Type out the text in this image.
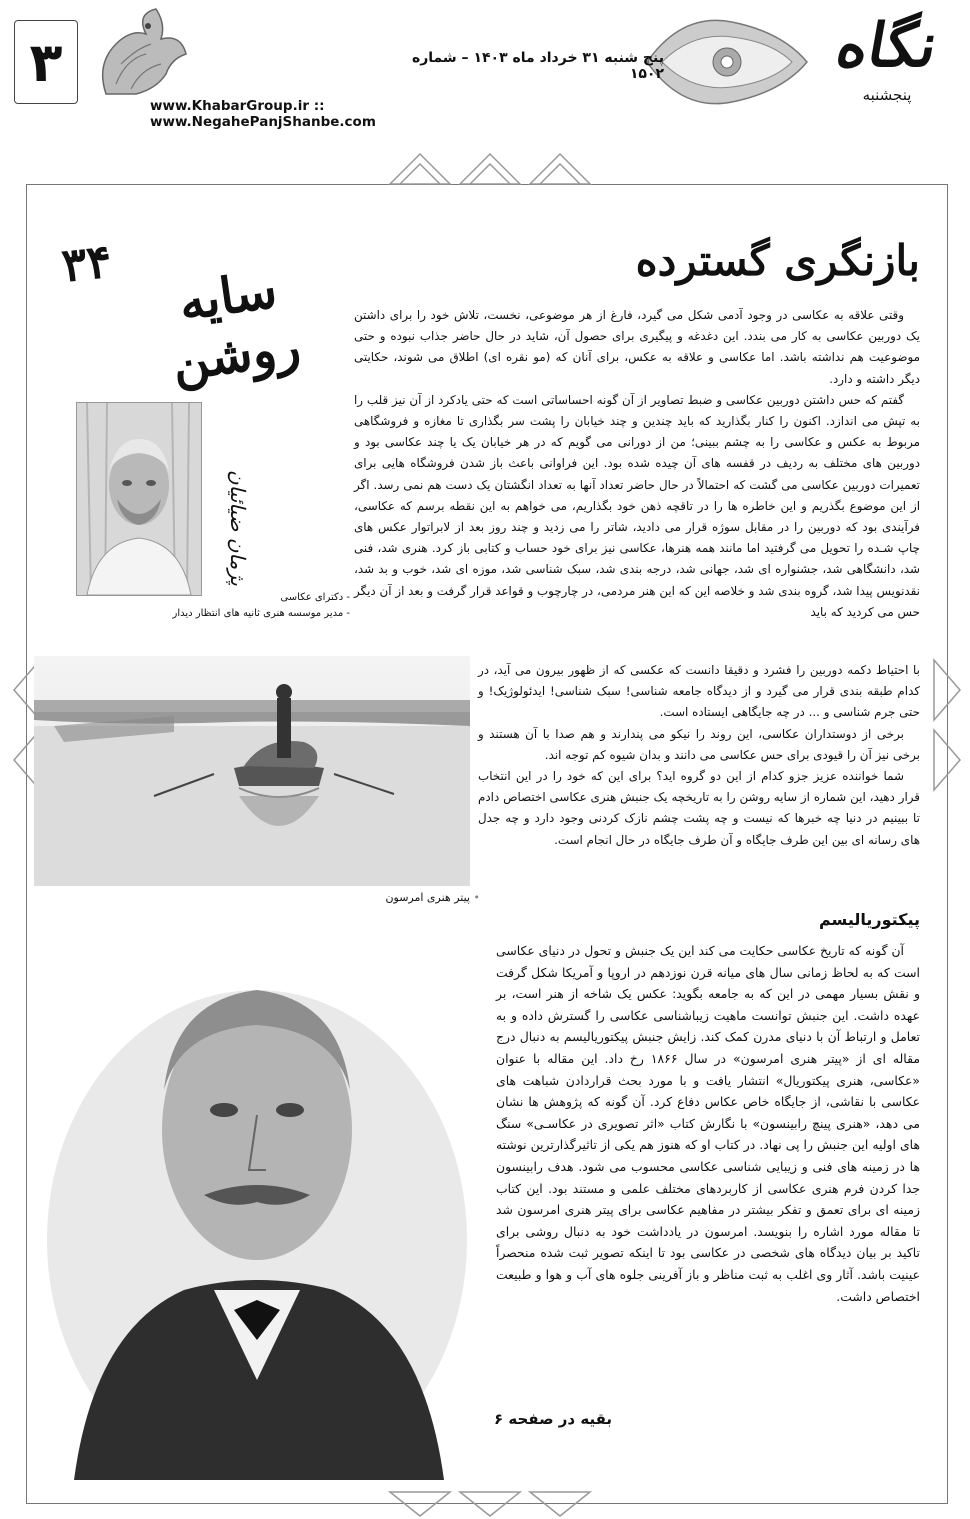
۳	نگاه
پنجشنبه
پنج شنبه ۳۱ خرداد ماه ۱۴۰۳ – شماره ۱۵۰۲
www.KhabarGroup.ir :: www.NegahePanjShanbe.com
بازنگری گسترده
۳۴	سایه روشن
پژمان ضیائیان
- دکترای عکاسی
- مدیر موسسه هنری ثانیه های انتظار دیدار

وقتی علاقه به عکاسی در وجود آدمی شکل می گیرد، فارغ از هر موضوعی، نخست، تلاش خود را برای داشتن یک دوربین عکاسی به کار می بندد. این دغدغه و پیگیری برای حصول آن، شاید در حال حاضر جذاب نبوده و حتی موضوعیت هم نداشته باشد. اما عکاسی و علاقه به عکس، برای آنان که (مو نقره ای) اطلاق می شوند، حکایتی دیگر داشته و دارد.

گفتم که حس داشتن دوربین عکاسی و ضبط تصاویر از آن گونه احساساتی است که حتی یادکرد از آن نیز قلب را به تپش می اندازد. اکنون را کنار بگذارید که باید چندین و چند خیابان را پشت سر بگذاری تا مغازه و فروشگاهی مربوط به عکس و عکاسی را به چشم ببینی؛ من از دورانی می گویم که در هر خیابان یک یا چند عکاسی بود و دوربین های مختلف به ردیف در قفسه های آن چیده شده بود. این فراوانی باعث باز شدن فروشگاه هایی برای تعمیرات دوربین عکاسی می گشت که احتمالاً در حال حاضر تعداد آنها به تعداد انگشتان یک دست هم نمی رسد. اگر از این موضوع بگذریم و این خاطره ها را در تاقچه ذهن خود بگذاریم، می خواهم به این نقطه برسم که عکاسی، فرآیندی بود که دوربین را در مقابل سوژه قرار می دادید، شاتر را می زدید و چند روز بعد از لابراتوار عکس های چاپ شـده را تحویل می گرفتید اما مانند همه هنرها، عکاسی نیز برای خود حساب و کتابی باز کرد. هنری شد، فنی شد، دانشگاهی شد، جشنواره ای شد، جهانی شد، درجه بندی شد، سبک شناسی شد، موزه ای شد، خوب و بد شد، نقدنویس پیدا شد، گروه بندی شد و خلاصه این که این هنر مردمی، در چارچوب و قواعد قرار گرفت و بعد از آن دیگر حس می کردید که باید

با احتیاط دکمه دوربین را فشرد و دقیقا دانست که عکسی که از ظهور بیرون می آید، در کدام طبقه بندی قرار می گیرد و از دیدگاه جامعه شناسی! سبک شناسی! ایدئولوژیک! و حتی جرم شناسی و ... در چه جایگاهی ایستاده است.

برخی از دوستداران عکاسی، این روند را نیکو می پندارند و هم صدا با آن هستند و برخی نیز آن را قیودی برای حس عکاسی می دانند و بدان شیوه کم توجه اند.

شما خواننده عزیز جزو کدام از این دو گروه اید؟ برای این که خود را در این انتخاب قرار دهید، این شماره از سایه روشن را به تاریخچه یک جنبش هنری عکاسی اختصاص دادم تا ببینیم در دنیا چه خبرها که نیست و چه پشت چشم نازک کردنی وجود دارد و چه جدل های رسانه ای بین این طرف جایگاه و آن طرف جایگاه در حال انجام است.

• پیتر هنری امرسون
پیکتوریالیسم

آن گونه که تاریخ عکاسی حکایت می کند این یک جنبش و تحول در دنیای عکاسی است که به لحاظ زمانی سال های میانه قرن نوزدهم در اروپا و آمریکا شکل گرفت و نقش بسیار مهمی در این که به جامعه بگوید: عکس یک شاخه از هنر است، بر عهده داشت. این جنبش توانست ماهیت زیباشناسی عکاسی را گسترش داده و به تعامل و ارتباط آن با دنیای مدرن کمک کند. زایش جنبش پیکتوریالیسم به دنبال درج مقاله ای از «پیتر هنری امرسون» در سال ۱۸۶۶ رخ داد. این مقاله با عنوان «عکاسی، هنری پیکتوریال» انتشار یافت و با مورد بحث قراردادن شباهت های عکاسی با نقاشی، از جایگاه خاص عکاس دفاع کرد. آن گونه که پژوهش ها نشان می دهد، «هنری پینچ رابینسون» با نگارش کتاب «اثر تصویری در عکاسـی» سنگ های اولیه این جنبش را پی نهاد. در کتاب او که هنوز هم یکی از تاثیرگذارترین نوشته ها در زمینه های فنی و زیبایی شناسی عکاسی محسوب می شود. هدف رابینسون جدا کردن فرم هنری عکاسی از کاربردهای مختلف علمی و مستند بود. این کتاب زمینه ای برای تعمق و تفکر بیشتر در مفاهیم عکاسی برای پیتر هنری امرسون شد تا مقاله مورد اشاره را بنویسد. امرسون در یادداشت خود به دنبال روشی برای تاکید بر بیان دیدگاه های شخصی در عکاسی بود تا اینکه تصویر ثبت شده منحصراً عینیت باشد. آثار وی اغلب به ثبت مناظر و باز آفرینی جلوه های آب و هوا و طبیعت اختصاص داشت.

بقیه در صفحه ۶
